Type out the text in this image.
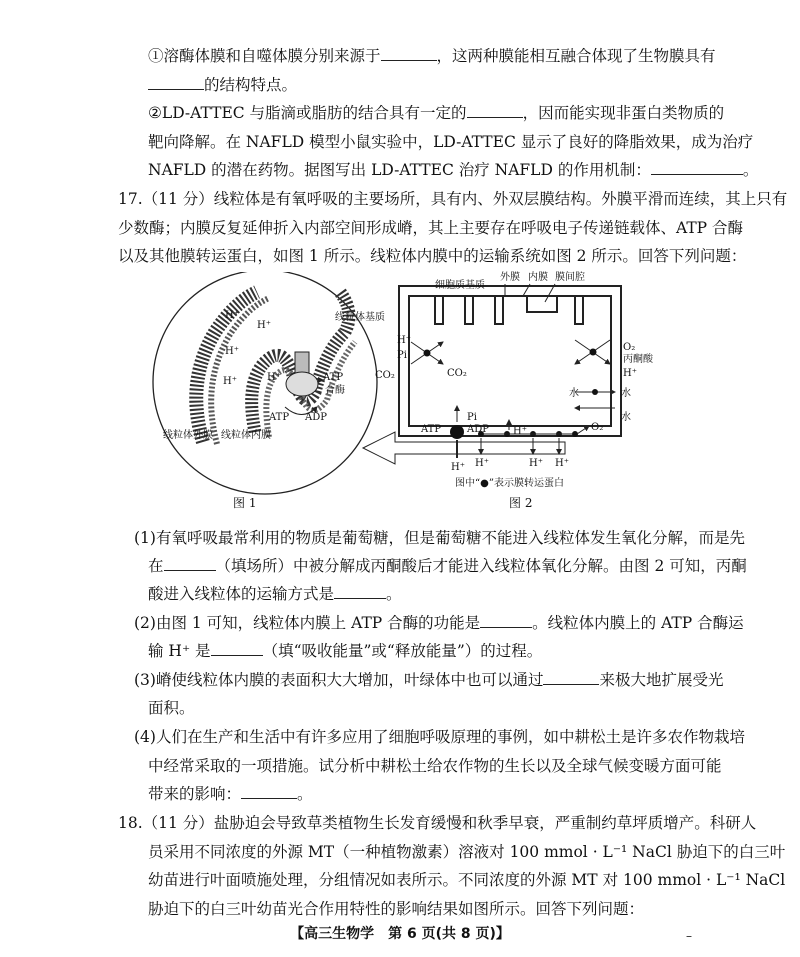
①溶酶体膜和自噬体膜分别来源于	，这两种膜能相互融合体现了生物膜具有
的结构特点。
②LD-ATTEC 与脂滴或脂肪的结合具有一定的	，因而能实现非蛋白类物质的
靶向降解。在 NAFLD 模型小鼠实验中，LD-ATTEC 显示了良好的降脂效果，成为治疗
NAFLD 的潜在药物。据图写出 LD-ATTEC 治疗 NAFLD 的作用机制：	。
17.（11 分）线粒体是有氧呼吸的主要场所，具有内、外双层膜结构。外膜平滑而连续，其上只有
少数酶；内膜反复延伸折入内部空间形成嵴，其上主要存在呼吸电子传递链载体、ATP 合酶
以及其他膜转运蛋白，如图 1 所示。线粒体内膜中的运输系统如图 2 所示。回答下列问题：
H⁺
H⁺
H⁺
H⁺	H⁺	ATP
合酶
ATP ADP
线粒体外膜 线粒体内膜
图 1
细胞质基质
外膜 内膜 膜间腔
线粒体基质
H⁺
Pi
CO₂	CO₂
O₂
丙酮酸
H⁺
水	水
水
ATP
Pi
ADP H⁺	O₂
H⁺ H⁺	H⁺ H⁺
图中“●”表示膜转运蛋白
图 2
(1)有氧呼吸最常利用的物质是葡萄糖，但是葡萄糖不能进入线粒体发生氧化分解，而是先
在	（填场所）中被分解成丙酮酸后才能进入线粒体氧化分解。由图 2 可知，丙酮
酸进入线粒体的运输方式是	。
(2)由图 1 可知，线粒体内膜上 ATP 合酶的功能是	。线粒体内膜上的 ATP 合酶运
输 H⁺ 是	（填“吸收能量”或“释放能量”）的过程。
(3)嵴使线粒体内膜的表面积大大增加，叶绿体中也可以通过	来极大地扩展受光
面积。
(4)人们在生产和生活中有许多应用了细胞呼吸原理的事例，如中耕松土是许多农作物栽培
中经常采取的一项措施。试分析中耕松土给农作物的生长以及全球气候变暖方面可能
带来的影响：	。
18.（11 分）盐胁迫会导致草类植物生长发育缓慢和秋季早衰，严重制约草坪质增产。科研人
员采用不同浓度的外源 MT（一种植物激素）溶液对 100 mmol · L⁻¹ NaCl 胁迫下的白三叶
幼苗进行叶面喷施处理，分组情况如表所示。不同浓度的外源 MT 对 100 mmol · L⁻¹ NaCl
胁迫下的白三叶幼苗光合作用特性的影响结果如图所示。回答下列问题：
【高三生物学　第 6 页(共 8 页)】	–
